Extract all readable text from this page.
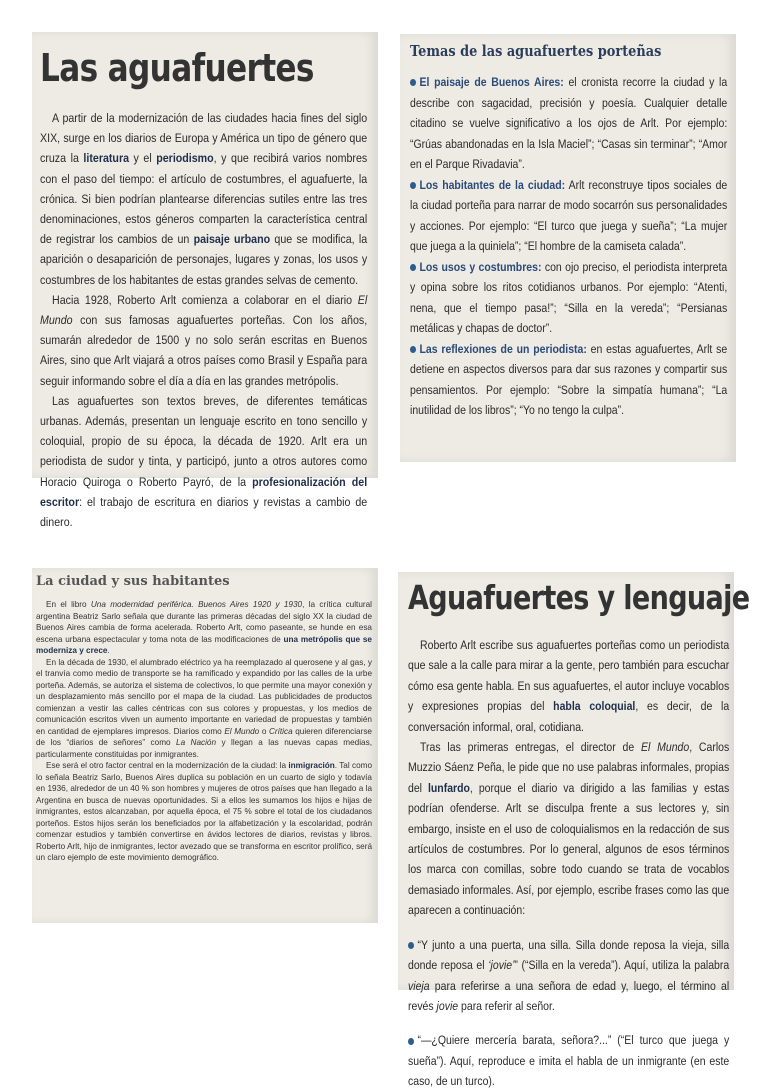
Las aguafuertes

A partir de la modernización de las ciudades hacia fines del siglo XIX, surge en los diarios de Europa y América un tipo de género que cruza la literatura y el periodismo, y que recibirá varios nombres con el paso del tiempo: el artículo de costumbres, el aguafuerte, la crónica. Si bien podrían plantearse diferencias sutiles entre las tres denominaciones, estos géneros comparten la característica central de registrar los cambios de un paisaje urbano que se modifica, la aparición o desaparición de personajes, lugares y zonas, los usos y costumbres de los habitantes de estas grandes selvas de cemento.

Hacia 1928, Roberto Arlt comienza a colaborar en el diario El Mundo con sus famosas aguafuertes porteñas. Con los años, sumarán alrededor de 1500 y no solo serán escritas en Buenos Aires, sino que Arlt viajará a otros países como Brasil y España para seguir informando sobre el día a día en las grandes metrópolis.

Las aguafuertes son textos breves, de diferentes temáticas urbanas. Además, presentan un lenguaje escrito en tono sencillo y coloquial, propio de su época, la década de 1920. Arlt era un periodista de sudor y tinta, y participó, junto a otros autores como Horacio Quiroga o Roberto Payró, de la profesionalización del escritor: el trabajo de escritura en diarios y revistas a cambio de dinero.

Temas de las aguafuertes porteñas

El paisaje de Buenos Aires: el cronista recorre la ciudad y la describe con sagacidad, precisión y poesía. Cualquier detalle citadino se vuelve significativo a los ojos de Arlt. Por ejemplo: “Grúas abandonadas en la Isla Maciel”; “Casas sin terminar”; “Amor en el Parque Rivadavia”.

Los habitantes de la ciudad: Arlt reconstruye tipos sociales de la ciudad porteña para narrar de modo socarrón sus personalidades y acciones. Por ejemplo: “El turco que juega y sueña”; “La mujer que juega a la quiniela”; “El hombre de la camiseta calada”.

Los usos y costumbres: con ojo preciso, el periodista interpreta y opina sobre los ritos cotidianos urbanos. Por ejemplo: “Atenti, nena, que el tiempo pasa!”; “Silla en la vereda”; “Persianas metálicas y chapas de doctor”.

Las reflexiones de un periodista: en estas aguafuertes, Arlt se detiene en aspectos diversos para dar sus razones y compartir sus pensamientos. Por ejemplo: “Sobre la simpatía humana”; “La inutilidad de los libros”; “Yo no tengo la culpa”.

La ciudad y sus habitantes

En el libro Una modernidad periférica. Buenos Aires 1920 y 1930, la crítica cultural argentina Beatriz Sarlo señala que durante las primeras décadas del siglo XX la ciudad de Buenos Aires cambia de forma acelerada. Roberto Arlt, como paseante, se hunde en esa escena urbana espectacular y toma nota de las modificaciones de una metrópolis que se moderniza y crece.

En la década de 1930, el alumbrado eléctrico ya ha reemplazado al querosene y al gas, y el tranvía como medio de transporte se ha ramificado y expandido por las calles de la urbe porteña. Además, se autoriza el sistema de colectivos, lo que permite una mayor conexión y un desplazamiento más sencillo por el mapa de la ciudad. Las publicidades de productos comienzan a vestir las calles céntricas con sus colores y propuestas, y los medios de comunicación escritos viven un aumento importante en variedad de propuestas y también en cantidad de ejemplares impresos. Diarios como El Mundo o Crítica quieren diferenciarse de los “diarios de señores” como La Nación y llegan a las nuevas capas medias, particularmente constituidas por inmigrantes.

Ese será el otro factor central en la modernización de la ciudad: la inmigración. Tal como lo señala Beatriz Sarlo, Buenos Aires duplica su población en un cuarto de siglo y todavía en 1936, alrededor de un 40 % son hombres y mujeres de otros países que han llegado a la Argentina en busca de nuevas oportunidades. Si a ellos les sumamos los hijos e hijas de inmigrantes, estos alcanzaban, por aquella época, el 75 % sobre el total de los ciudadanos porteños. Estos hijos serán los beneficiados por la alfabetización y la escolaridad, podrán comenzar estudios y también convertirse en ávidos lectores de diarios, revistas y libros. Roberto Arlt, hijo de inmigrantes, lector avezado que se transforma en escritor prolífico, será un claro ejemplo de este movimiento demográfico.

Aguafuertes y lenguaje

Roberto Arlt escribe sus aguafuertes porteñas como un periodista que sale a la calle para mirar a la gente, pero también para escuchar cómo esa gente habla. En sus aguafuertes, el autor incluye vocablos y expresiones propias del habla coloquial, es decir, de la conversación informal, oral, cotidiana.

Tras las primeras entregas, el director de El Mundo, Carlos Muzzio Sáenz Peña, le pide que no use palabras informales, propias del lunfardo, porque el diario va dirigido a las familias y estas podrían ofenderse. Arlt se disculpa frente a sus lectores y, sin embargo, insiste en el uso de coloquialismos en la redacción de sus artículos de costumbres. Por lo general, algunos de esos términos los marca con comillas, sobre todo cuando se trata de vocablos demasiado informales. Así, por ejemplo, escribe frases como las que aparecen a continuación:

“Y junto a una puerta, una silla. Silla donde reposa la vieja, silla donde reposa el ‘jovie’” (“Silla en la vereda”). Aquí, utiliza la palabra vieja para referirse a una señora de edad y, luego, el término al revés jovie para referir al señor.

“—¿Quiere mercería barata, señora?...” (“El turco que juega y sueña”). Aquí, reproduce e imita el habla de un inmigrante (en este caso, de un turco).
